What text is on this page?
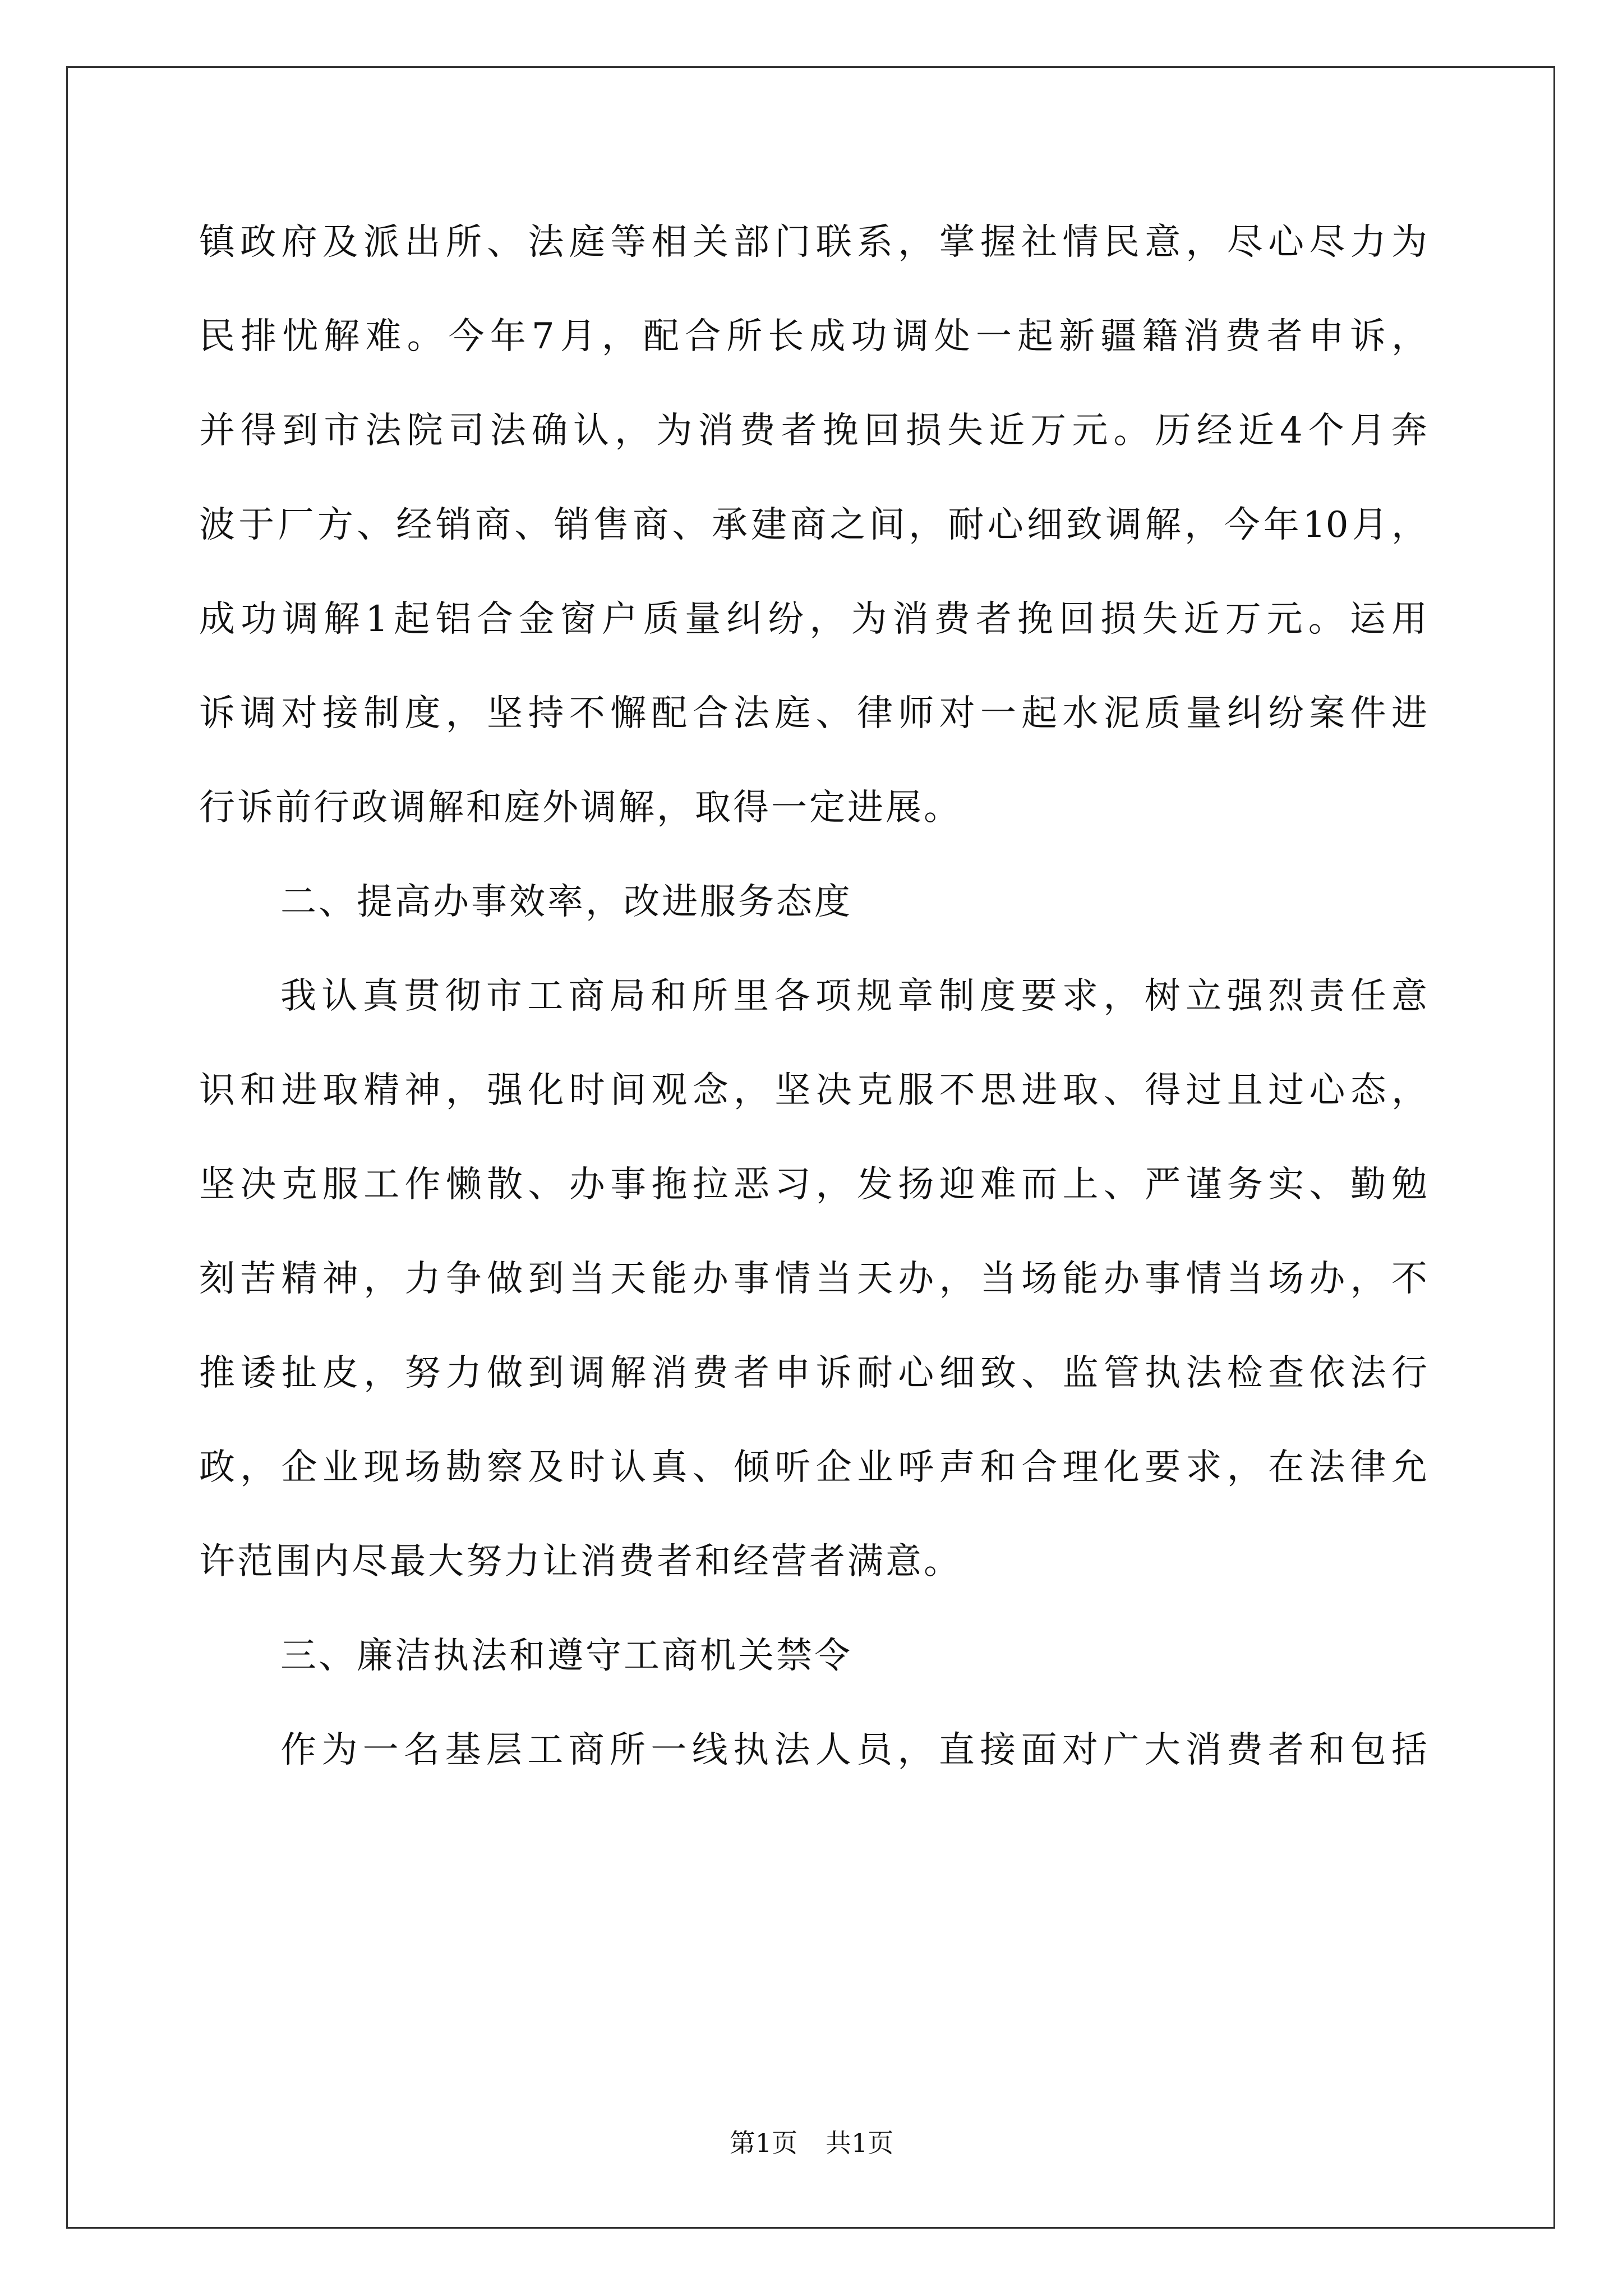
镇政府及派出所、法庭等相关部门联系，掌握社情民意，尽心尽力为
民排忧解难。今年7月，配合所长成功调处一起新疆籍消费者申诉，
并得到市法院司法确认，为消费者挽回损失近万元。历经近4个月奔
波于厂方、经销商、销售商、承建商之间，耐心细致调解，今年10月，
成功调解1起铝合金窗户质量纠纷，为消费者挽回损失近万元。运用
诉调对接制度，坚持不懈配合法庭、律师对一起水泥质量纠纷案件进
行诉前行政调解和庭外调解，取得一定进展。
二、提高办事效率，改进服务态度
我认真贯彻市工商局和所里各项规章制度要求，树立强烈责任意
识和进取精神，强化时间观念，坚决克服不思进取、得过且过心态，
坚决克服工作懒散、办事拖拉恶习，发扬迎难而上、严谨务实、勤勉
刻苦精神，力争做到当天能办事情当天办，当场能办事情当场办，不
推诿扯皮，努力做到调解消费者申诉耐心细致、监管执法检查依法行
政，企业现场勘察及时认真、倾听企业呼声和合理化要求，在法律允
许范围内尽最大努力让消费者和经营者满意。
三、廉洁执法和遵守工商机关禁令
作为一名基层工商所一线执法人员，直接面对广大消费者和包括
第1页 共1页
